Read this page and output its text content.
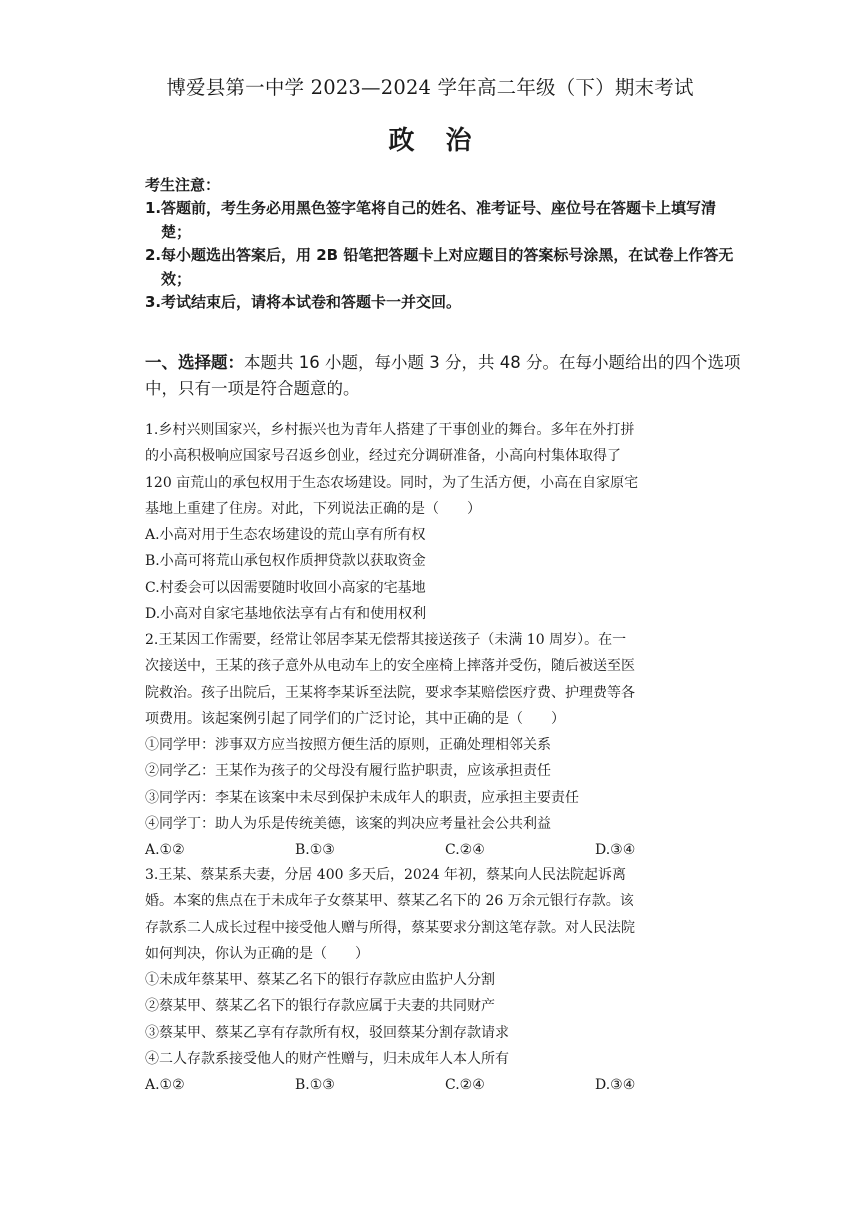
博爱县第一中学 2023—2024 学年高二年级（下）期末考试
政 治
考生注意：
1. 答题前，考生务必用黑色签字笔将自己的姓名、准考证号、座位号在答题卡上填写清楚；
2. 每小题选出答案后，用 2B 铅笔把答题卡上对应题目的答案标号涂黑，在试卷上作答无效；
3. 考试结束后，请将本试卷和答题卡一并交回。
一、选择题：本题共 16 小题，每小题 3 分，共 48 分。在每小题给出的四个选项中，只有一项是符合题意的。

1.乡村兴则国家兴，乡村振兴也为青年人搭建了干事创业的舞台。多年在外打拼

的小高积极响应国家号召返乡创业，经过充分调研准备，小高向村集体取得了

120 亩荒山的承包权用于生态农场建设。同时，为了生活方便，小高在自家原宅

基地上重建了住房。对此，下列说法正确的是（　　）

A.小高对用于生态农场建设的荒山享有所有权

B.小高可将荒山承包权作质押贷款以获取资金

C.村委会可以因需要随时收回小高家的宅基地

D.小高对自家宅基地依法享有占有和使用权利

2.王某因工作需要，经常让邻居李某无偿帮其接送孩子（未满 10 周岁）。在一

次接送中，王某的孩子意外从电动车上的安全座椅上摔落并受伤，随后被送至医

院救治。孩子出院后，王某将李某诉至法院，要求李某赔偿医疗费、护理费等各

项费用。该起案例引起了同学们的广泛讨论，其中正确的是（　　）

①同学甲：涉事双方应当按照方便生活的原则，正确处理相邻关系

②同学乙：王某作为孩子的父母没有履行监护职责，应该承担责任

③同学丙：李某在该案中未尽到保护未成年人的职责，应承担主要责任

④同学丁：助人为乐是传统美德，该案的判决应考量社会公共利益

A.①②	B.①③	C.②④	D.③④

3.王某、蔡某系夫妻，分居 400 多天后，2024 年初，蔡某向人民法院起诉离

婚。本案的焦点在于未成年子女蔡某甲、蔡某乙名下的 26 万余元银行存款。该

存款系二人成长过程中接受他人赠与所得，蔡某要求分割这笔存款。对人民法院

如何判决，你认为正确的是（　　）

①未成年蔡某甲、蔡某乙名下的银行存款应由监护人分割

②蔡某甲、蔡某乙名下的银行存款应属于夫妻的共同财产

③蔡某甲、蔡某乙享有存款所有权，驳回蔡某分割存款请求

④二人存款系接受他人的财产性赠与，归未成年人本人所有

A.①②	B.①③	C.②④	D.③④
